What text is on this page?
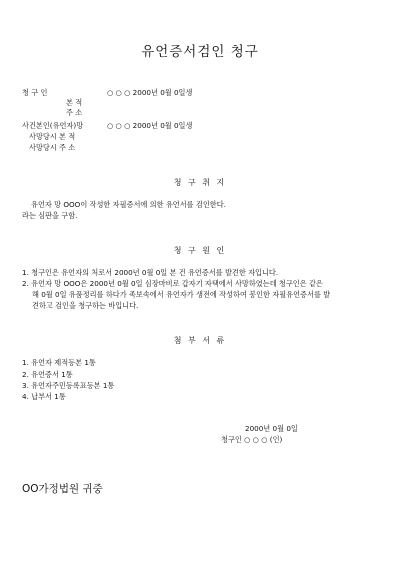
유언증서검인 청구
청 구 인	○ ○ ○ 2000년 0월 0일생
본 적
주 소
사건본인(유언자)망	○ ○ ○ 2000년 0월 0일생
사망당시 본 적
사망당시 주 소
청 구 취 지
유언자 망 OOO이 작성한 자필증서에 의한 유언서를 검인한다.
라는 심판을 구함.
청 구 원 인
1. 청구인은 유언자의 처로서 2000년 0월 0일 본 건 유언증서를 발견한 자입니다.
2. 유언자 망 OOO은 2000년 0월 0일 심장마비로 갑자기 자택에서 사망하였는데 청구인은 같은
해 0월 0일 유품정리를 하다가 족보속에서 유언자가 생전에 작성하여 봉인한 자필유언증서를 발
견하고 검인을 청구하는 바입니다.
첨 부 서 류
1. 유언자 제적등본 1통
2. 유언증서 1통
3. 유언자주민등록표등본 1통
4. 납부서 1통
2000년 0월 0일
청구인 ○ ○ ○ (인)
OO가정법원 귀중
